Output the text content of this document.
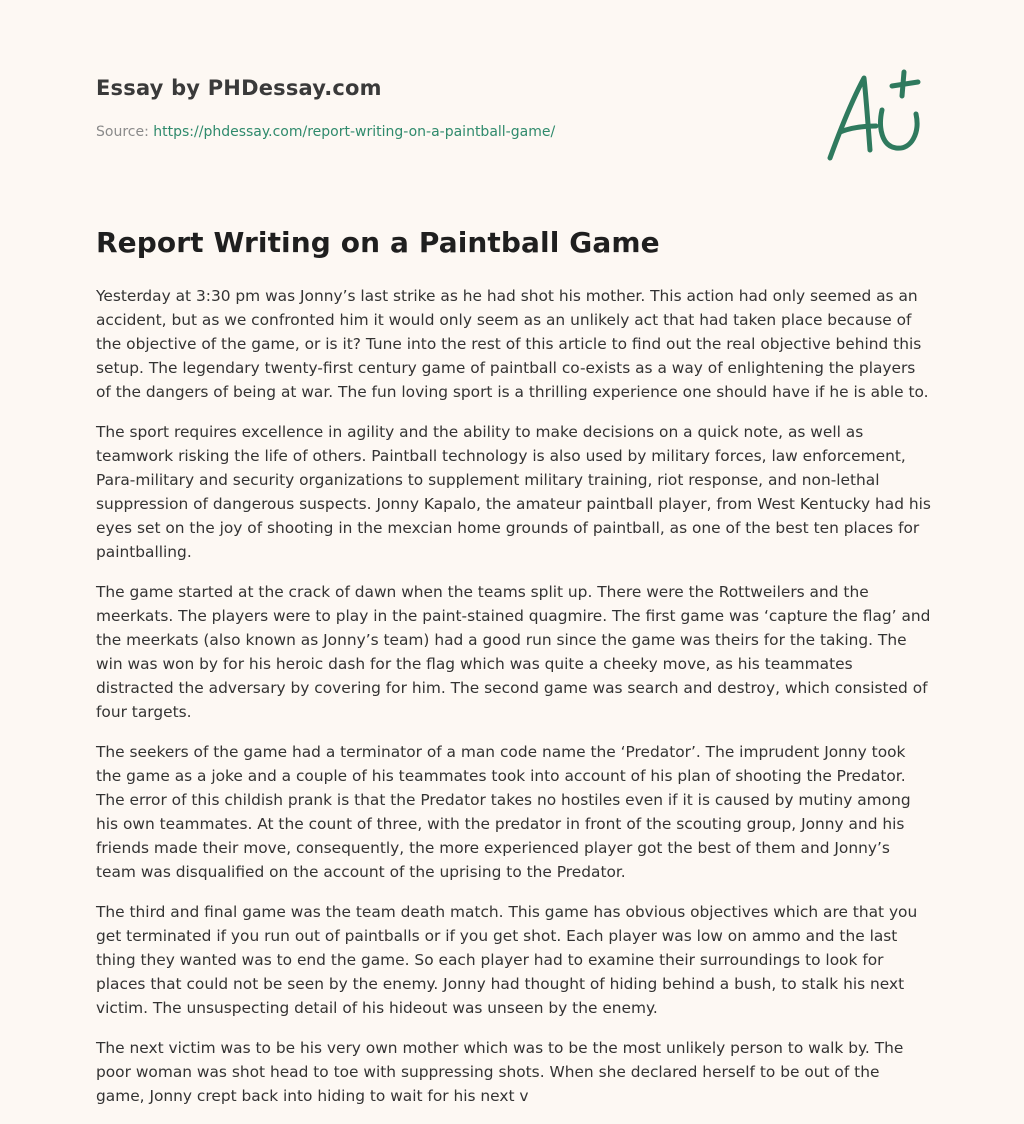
Essay by PHDessay.com
Source: https://phdessay.com/report-writing-on-a-paintball-game/
Report Writing on a Paintball Game

Yesterday at 3:30 pm was Jonny’s last strike as he had shot his mother. This action had only seemed as an accident, but as we confronted him it would only seem as an unlikely act that had taken place because of the objective of the game, or is it? Tune into the rest of this article to find out the real objective behind this setup. The legendary twenty-first century game of paintball co-exists as a way of enlightening the players of the dangers of being at war. The fun loving sport is a thrilling experience one should have if he is able to.

The sport requires excellence in agility and the ability to make decisions on a quick note, as well as teamwork risking the life of others. Paintball technology is also used by military forces, law enforcement, Para-military and security organizations to supplement military training, riot response, and non-lethal suppression of dangerous suspects. Jonny Kapalo, the amateur paintball player, from West Kentucky had his eyes set on the joy of shooting in the mexcian home grounds of paintball, as one of the best ten places for paintballing.

The game started at the crack of dawn when the teams split up. There were the Rottweilers and the meerkats. The players were to play in the paint-stained quagmire. The first game was ‘capture the flag’ and the meerkats (also known as Jonny’s team) had a good run since the game was theirs for the taking. The win was won by for his heroic dash for the flag which was quite a cheeky move, as his teammates distracted the adversary by covering for him. The second game was search and destroy, which consisted of four targets.

The seekers of the game had a terminator of a man code name the ‘Predator’. The imprudent Jonny took the game as a joke and a couple of his teammates took into account of his plan of shooting the Predator. The error of this childish prank is that the Predator takes no hostiles even if it is caused by mutiny among his own teammates. At the count of three, with the predator in front of the scouting group, Jonny and his friends made their move, consequently, the more experienced player got the best of them and Jonny’s team was disqualified on the account of the uprising to the Predator.

The third and final game was the team death match. This game has obvious objectives which are that you get terminated if you run out of paintballs or if you get shot. Each player was low on ammo and the last thing they wanted was to end the game. So each player had to examine their surroundings to look for places that could not be seen by the enemy. Jonny had thought of hiding behind a bush, to stalk his next victim. The unsuspecting detail of his hideout was unseen by the enemy.

The next victim was to be his very own mother which was to be the most unlikely person to walk by. The poor woman was shot head to toe with suppressing shots. When she declared herself to be out of the game, Jonny crept back into hiding to wait for his next v
